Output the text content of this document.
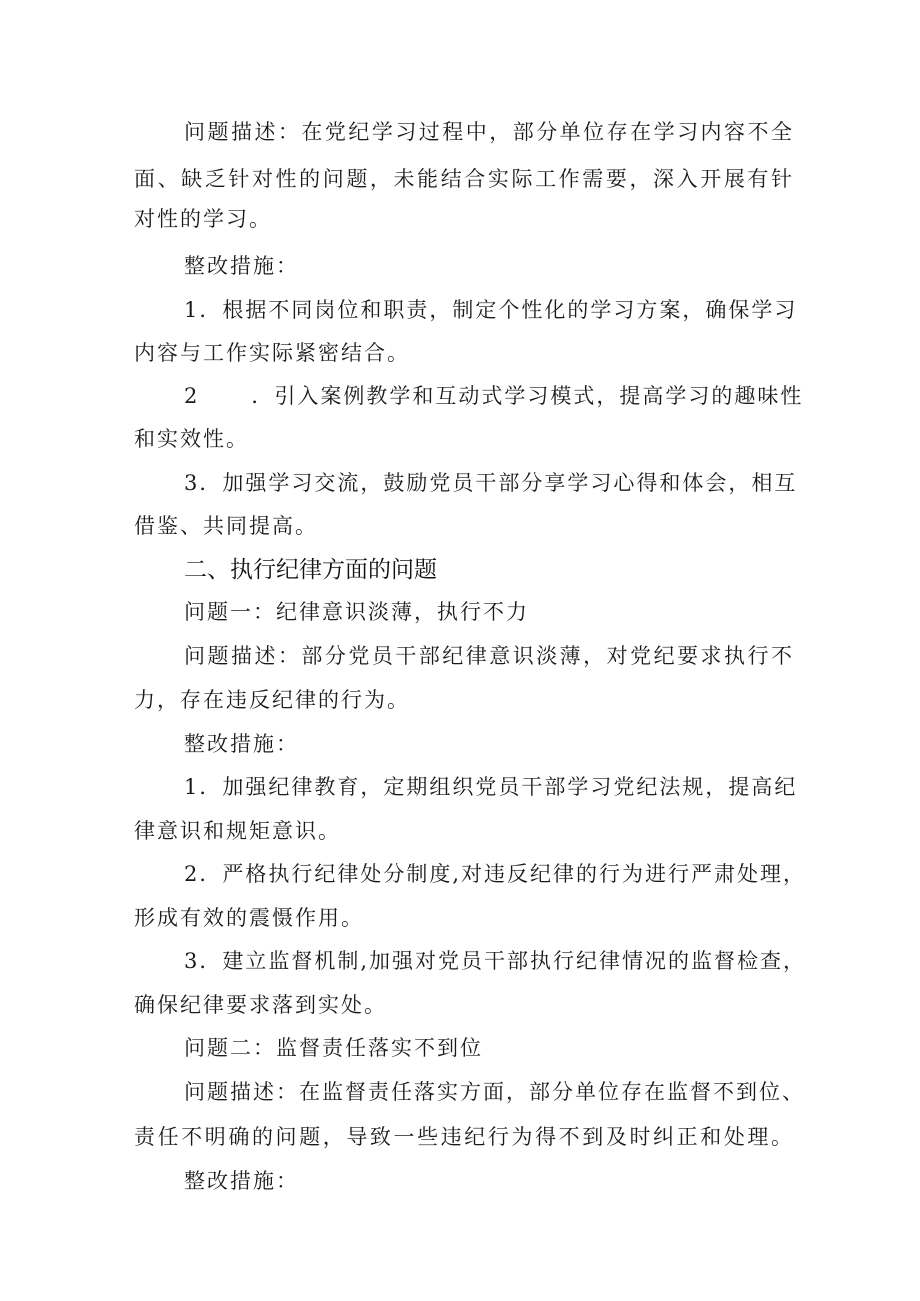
问题描述：在党纪学习过程中，部分单位存在学习内容不全
面、缺乏针对性的问题，未能结合实际工作需要，深入开展有针
对性的学习。
整改措施：
1．根据不同岗位和职责，制定个性化的学习方案，确保学习
内容与工作实际紧密结合。
2 ．引入案例教学和互动式学习模式，提高学习的趣味性
和实效性。
3．加强学习交流，鼓励党员干部分享学习心得和体会，相互
借鉴、共同提高。
二、执行纪律方面的问题
问题一：纪律意识淡薄，执行不力
问题描述：部分党员干部纪律意识淡薄，对党纪要求执行不
力，存在违反纪律的行为。
整改措施：
1．加强纪律教育，定期组织党员干部学习党纪法规，提高纪
律意识和规矩意识。
2．严格执行纪律处分制度,对违反纪律的行为进行严肃处理，
形成有效的震慑作用。
3．建立监督机制,加强对党员干部执行纪律情况的监督检查，
确保纪律要求落到实处。
问题二：监督责任落实不到位
问题描述：在监督责任落实方面，部分单位存在监督不到位、
责任不明确的问题，导致一些违纪行为得不到及时纠正和处理。
整改措施：
